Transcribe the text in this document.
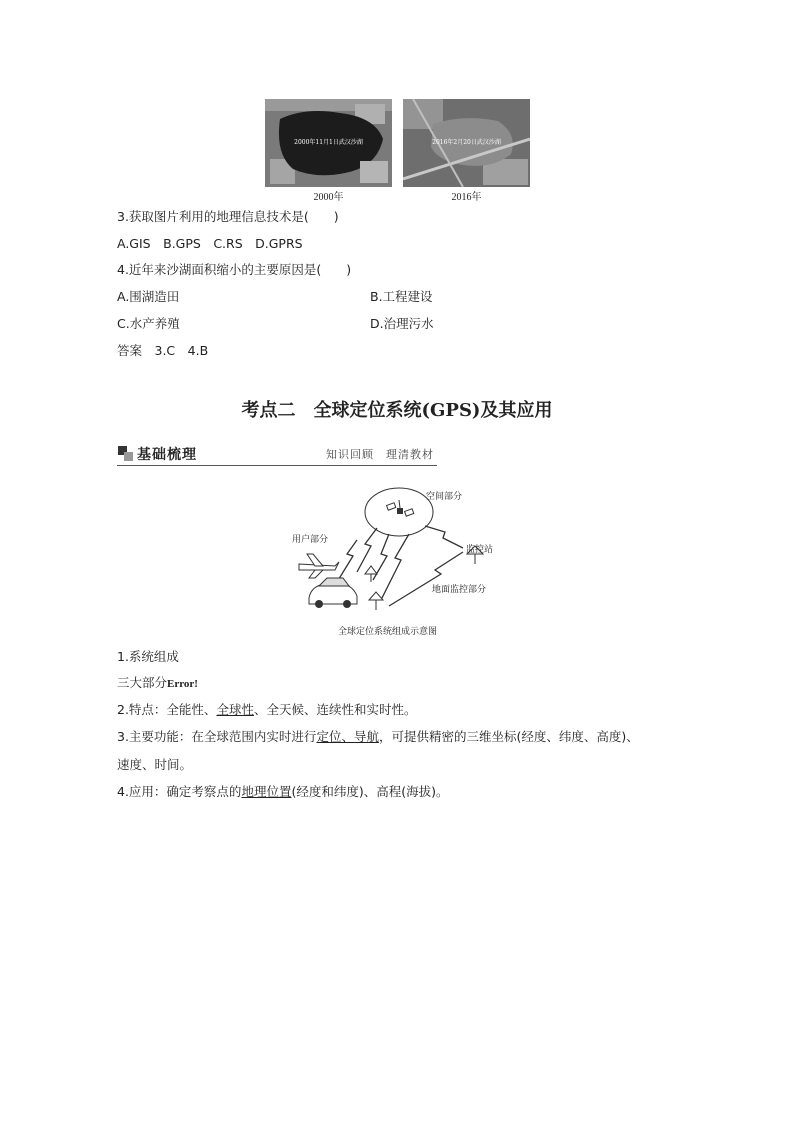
2000年11月1日武汉沙湖
2000年
2016年2月20日武汉沙湖
2016年
3.获取图片利用的地理信息技术是(　　)
A.GIS　B.GPS　C.RS　D.GPRS
4.近年来沙湖面积缩小的主要原因是(　　)
A.围湖造田	B.工程建设
C.水产养殖	D.治理污水
答案　3.C　4.B
考点二　全球定位系统(GPS)及其应用
基础梳理	知识回顾　理清教材
空间部分
用户部分
监控站
地面监控部分
全球定位系统组成示意图
1.系统组成
三大部分Error!
2.特点：全能性、全球性、全天候、连续性和实时性。
3.主要功能：在全球范围内实时进行定位、导航，可提供精密的三维坐标(经度、纬度、高度)、
速度、时间。
4.应用：确定考察点的地理位置(经度和纬度)、高程(海拔)。
